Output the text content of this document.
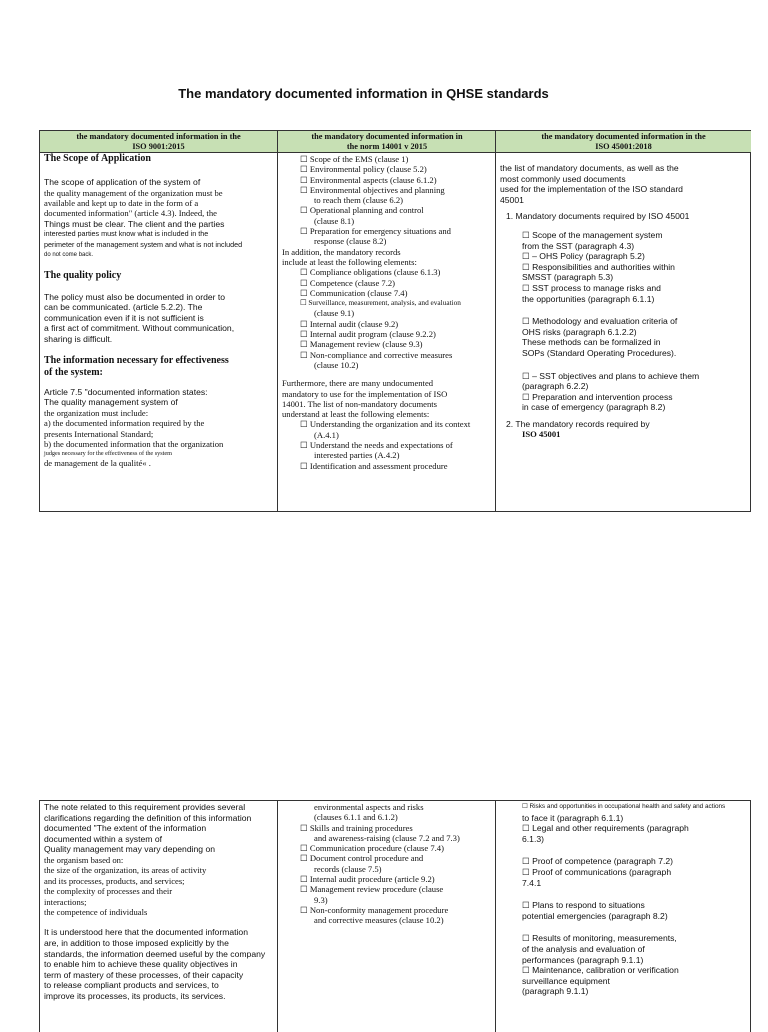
The mandatory documented information in QHSE standards
the mandatory documented information in the
ISO 9001:2015
The Scope of Application
The scope of application of the system of
the quality management of the organization must be
available and kept up to date in the form of a
documented information" (article 4.3). Indeed, the
Things must be clear. The client and the parties
interested parties must know what is included in the
perimeter of the management system and what is not included
do not come back.
The quality policy
The policy must also be documented in order to
can be communicated. (article 5.2.2). The
communication even if it is not sufficient is
a first act of commitment. Without communication,
sharing is difficult.
The information necessary for effectiveness
of the system:
Article 7.5 "documented information states:
The quality management system of
the organization must include:
a) the documented information required by the
presents International Standard;
b) the documented information that the organization
judges necessary for the effectiveness of the system
de management de la qualité« .
the mandatory documented information in
the norm 14001 v 2015
☐ Scope of the EMS (clause 1)
☐ Environmental policy (clause 5.2)
☐ Environmental aspects (clause 6.1.2)
☐ Environmental objectives and planning
to reach them (clause 6.2)
☐ Operational planning and control
(clause 8.1)
☐ Preparation for emergency situations and
response (clause 8.2)
In addition, the mandatory records
include at least the following elements:
☐ Compliance obligations (clause 6.1.3)
☐ Competence (clause 7.2)
☐ Communication (clause 7.4)
☐ Surveillance, measurement, analysis, and evaluation
(clause 9.1)
☐ Internal audit (clause 9.2)
☐ Internal audit program (clause 9.2.2)
☐ Management review (clause 9.3)
☐ Non-compliance and corrective measures
(clause 10.2)
Furthermore, there are many undocumented
mandatory to use for the implementation of ISO
14001. The list of non-mandatory documents
understand at least the following elements:
☐ Understanding the organization and its context
(A.4.1)
☐ Understand the needs and expectations of
interested parties (A.4.2)
☐ Identification and assessment procedure
the mandatory documented information in the
ISO 45001:2018
the list of mandatory documents, as well as the
most commonly used documents
used for the implementation of the ISO standard
45001
1. Mandatory documents required by ISO 45001
☐ Scope of the management system
from the SST (paragraph 4.3)
☐ – OHS Policy (paragraph 5.2)
☐ Responsibilities and authorities within
SMSST (paragraph 5.3)
☐ SST process to manage risks and
the opportunities (paragraph 6.1.1)
☐ Methodology and evaluation criteria of
OHS risks (paragraph 6.1.2.2)
These methods can be formalized in
SOPs (Standard Operating Procedures).
☐ – SST objectives and plans to achieve them
(paragraph 6.2.2)
☐ Preparation and intervention process
in case of emergency (paragraph 8.2)
2. The mandatory records required by
ISO 45001
The note related to this requirement provides several
clarifications regarding the definition of this information
documented "The extent of the information
documented within a system of
Quality management may vary depending on
the organism based on:
the size of the organization, its areas of activity
and its processes, products, and services;
the complexity of processes and their
interactions;
the competence of individuals
It is understood here that the documented information
are, in addition to those imposed explicitly by the
standards, the information deemed useful by the company
to enable him to achieve these quality objectives in
term of mastery of these processes, of their capacity
to release compliant products and services, to
improve its processes, its products, its services.
environmental aspects and risks
(clauses 6.1.1 and 6.1.2)
☐ Skills and training procedures
and awareness-raising (clause 7.2 and 7.3)
☐ Communication procedure (clause 7.4)
☐ Document control procedure and
records (clause 7.5)
☐ Internal audit procedure (article 9.2)
☐ Management review procedure (clause
9.3)
☐ Non-conformity management procedure
and corrective measures (clause 10.2)
☐ Risks and opportunities in occupational health and safety and actions
to face it (paragraph 6.1.1)
☐ Legal and other requirements (paragraph
6.1.3)
☐ Proof of competence (paragraph 7.2)
☐ Proof of communications (paragraph
7.4.1
☐ Plans to respond to situations
potential emergencies (paragraph 8.2)
☐ Results of monitoring, measurements,
of the analysis and evaluation of
performances (paragraph 9.1.1)
☐ Maintenance, calibration or verification
surveillance equipment
(paragraph 9.1.1)
